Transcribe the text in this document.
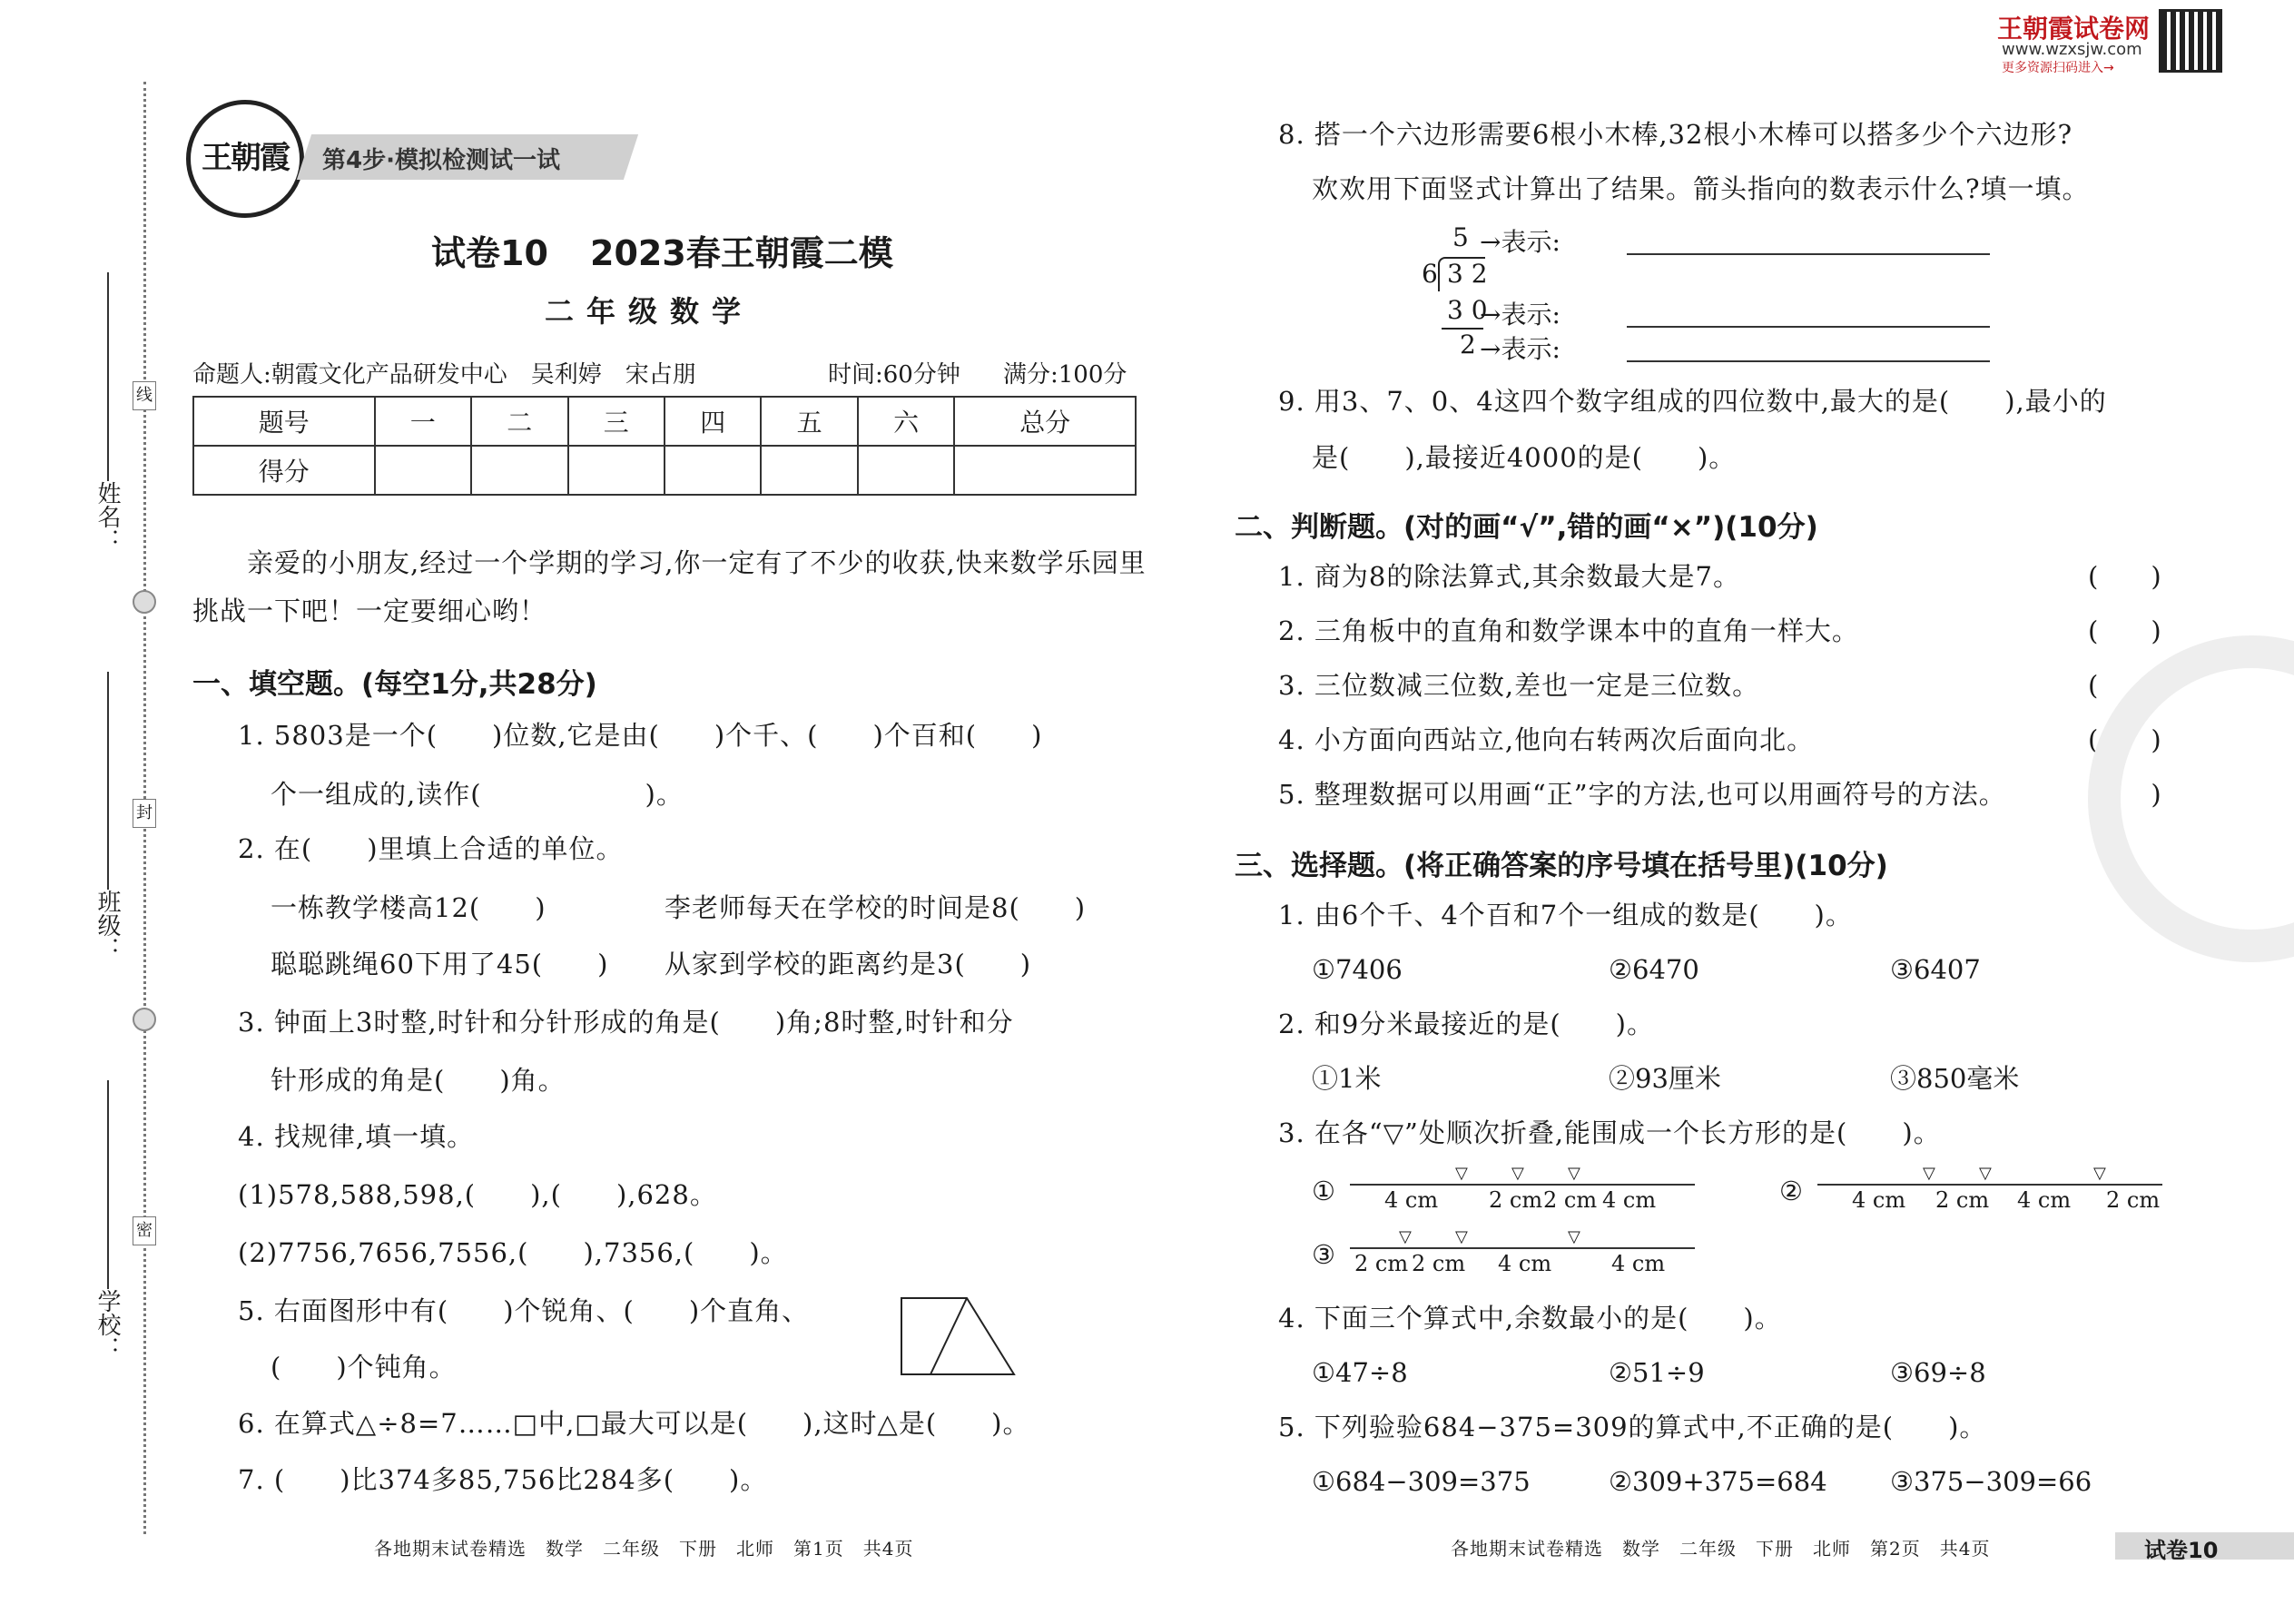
姓名：
班级：
学校：
线
封
密
王朝霞	第4步·模拟检测试一试
试卷10 2023春王朝霞二模
二年级数学
命题人:朝霞文化产品研发中心　吴利婷　宋占朋	时间:60分钟 满分:100分
题号	一	二	三	四	五	六	总分
得分							
亲爱的小朋友,经过一个学期的学习,你一定有了不少的收获,快来数学乐园里
挑战一下吧！一定要细心哟！
一、填空题。(每空1分,共28分)
1. 5803是一个(　　)位数,它是由(　　)个千、(　　)个百和(　　)
个一组成的,读作(　　　　　　)。
2. 在(　　)里填上合适的单位。
一栋教学楼高12(　　)	李老师每天在学校的时间是8(　　)
聪聪跳绳60下用了45(　　) 从家到学校的距离约是3(　　)
3. 钟面上3时整,时针和分针形成的角是(　　)角;8时整,时针和分
针形成的角是(　　)角。
4. 找规律,填一填。
(1)578,588,598,(　　),(　　),628。
(2)7756,7656,7556,(　　),7356,(　　)。
5. 右面图形中有(　　)个锐角、(　　)个直角、
(　　)个钝角。
6. 在算式△÷8=7……□中,□最大可以是(　　),这时△是(　　)。
7. (　　)比374多85,756比284多(　　)。
8. 搭一个六边形需要6根小木棒,32根小木棒可以搭多少个六边形?
欢欢用下面竖式计算出了结果。箭头指向的数表示什么?填一填。
5
6 3 2
3 0
2
→表示:
→表示:
→表示:
9. 用3、7、0、4这四个数字组成的四位数中,最大的是(　　),最小的
是(　　),最接近4000的是(　　)。
二、判断题。(对的画“√”,错的画“×”)(10分)
1. 商为8的除法算式,其余数最大是7。	(　　)
2. 三角板中的直角和数学课本中的直角一样大。	(　　)
3. 三位数减三位数,差也一定是三位数。	(　　)
4. 小方面向西站立,他向右转两次后面向北。	(　　)
5. 整理数据可以用画“正”字的方法,也可以用画符号的方法。	(　　)
三、选择题。(将正确答案的序号填在括号里)(10分)
1. 由6个千、4个百和7个一组成的数是(　　)。
①7406	②6470	③6407
2. 和9分米最接近的是(　　)。
①1米	②93厘米	③850毫米
3. 在各“▽”处顺次折叠,能围成一个长方形的是(　　)。
① 4 cm 2 cm 2 cm 4 cm
▽	▽	▽
② 4 cm 2 cm 4 cm 2 cm
▽	▽	▽
③ 2 cm 2 cm 4 cm	4 cm
▽	▽	▽
4. 下面三个算式中,余数最小的是(　　)。
①47÷8	②51÷9	③69÷8
5. 下列验验684−375=309的算式中,不正确的是(　　)。
①684−309=375	②309+375=684 ③375−309=66
王朝霞试卷网
www.wzxsjw.com
更多资源扫码进入→
各地期末试卷精选　数学　二年级　下册　北师　第1页　共4页	各地期末试卷精选　数学　二年级　下册　北师　第2页　共4页	试卷10
